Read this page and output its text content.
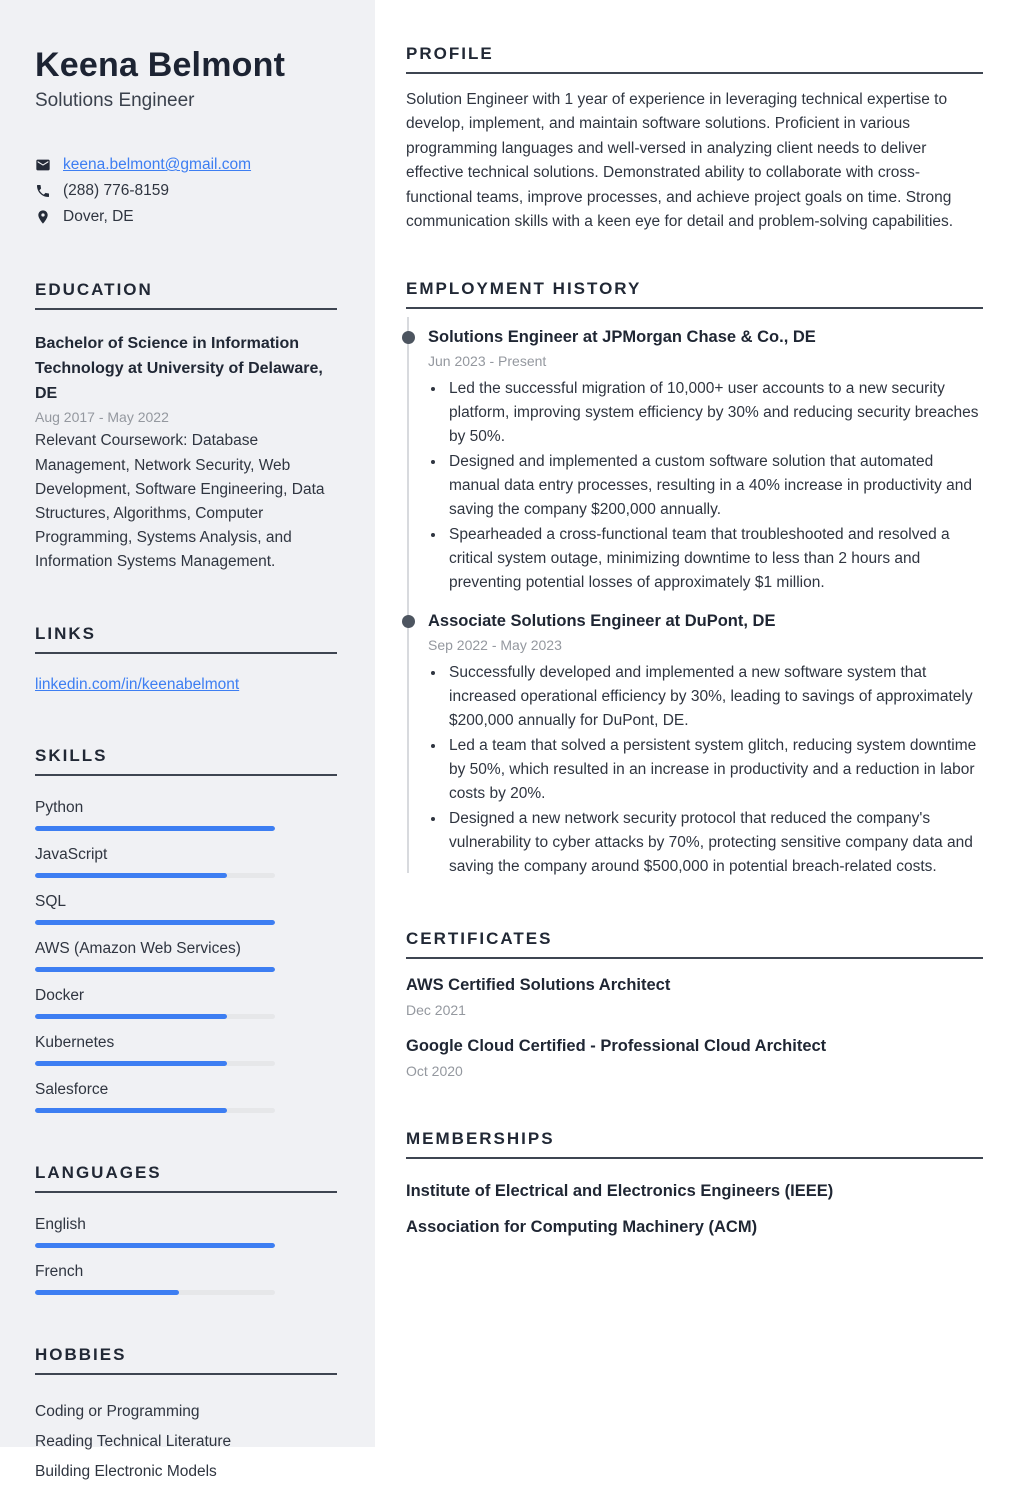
Keena Belmont
Solutions Engineer
keena.belmont@gmail.com
(288) 776-8159
Dover, DE
EDUCATION
Bachelor of Science in Information Technology at University of Delaware, DE
Aug 2017 - May 2022
Relevant Coursework: Database Management, Network Security, Web Development, Software Engineering, Data Structures, Algorithms, Computer Programming, Systems Analysis, and Information Systems Management.
LINKS
linkedin.com/in/keenabelmont
SKILLS
Python
JavaScript
SQL
AWS (Amazon Web Services)
Docker
Kubernetes
Salesforce
LANGUAGES
English
French
HOBBIES
Coding or Programming
Reading Technical Literature
Building Electronic Models
PROFILE

Solution Engineer with 1 year of experience in leveraging technical expertise to develop, implement, and maintain software solutions. Proficient in various programming languages and well-versed in analyzing client needs to deliver effective technical solutions. Demonstrated ability to collaborate with cross-functional teams, improve processes, and achieve project goals on time. Strong communication skills with a keen eye for detail and problem-solving capabilities.

EMPLOYMENT HISTORY
Solutions Engineer at JPMorgan Chase & Co., DE
Jun 2023 - Present
• Led the successful migration of 10,000+ user accounts to a new security platform, improving system efficiency by 30% and reducing security breaches by 50%.
• Designed and implemented a custom software solution that automated manual data entry processes, resulting in a 40% increase in productivity and saving the company $200,000 annually.
• Spearheaded a cross-functional team that troubleshooted and resolved a critical system outage, minimizing downtime to less than 2 hours and preventing potential losses of approximately $1 million.
Associate Solutions Engineer at DuPont, DE
Sep 2022 - May 2023
• Successfully developed and implemented a new software system that increased operational efficiency by 30%, leading to savings of approximately $200,000 annually for DuPont, DE.
• Led a team that solved a persistent system glitch, reducing system downtime by 50%, which resulted in an increase in productivity and a reduction in labor costs by 20%.
• Designed a new network security protocol that reduced the company's vulnerability to cyber attacks by 70%, protecting sensitive company data and saving the company around $500,000 in potential breach-related costs.
CERTIFICATES
AWS Certified Solutions Architect
Dec 2021
Google Cloud Certified - Professional Cloud Architect
Oct 2020
MEMBERSHIPS
Institute of Electrical and Electronics Engineers (IEEE)
Association for Computing Machinery (ACM)
